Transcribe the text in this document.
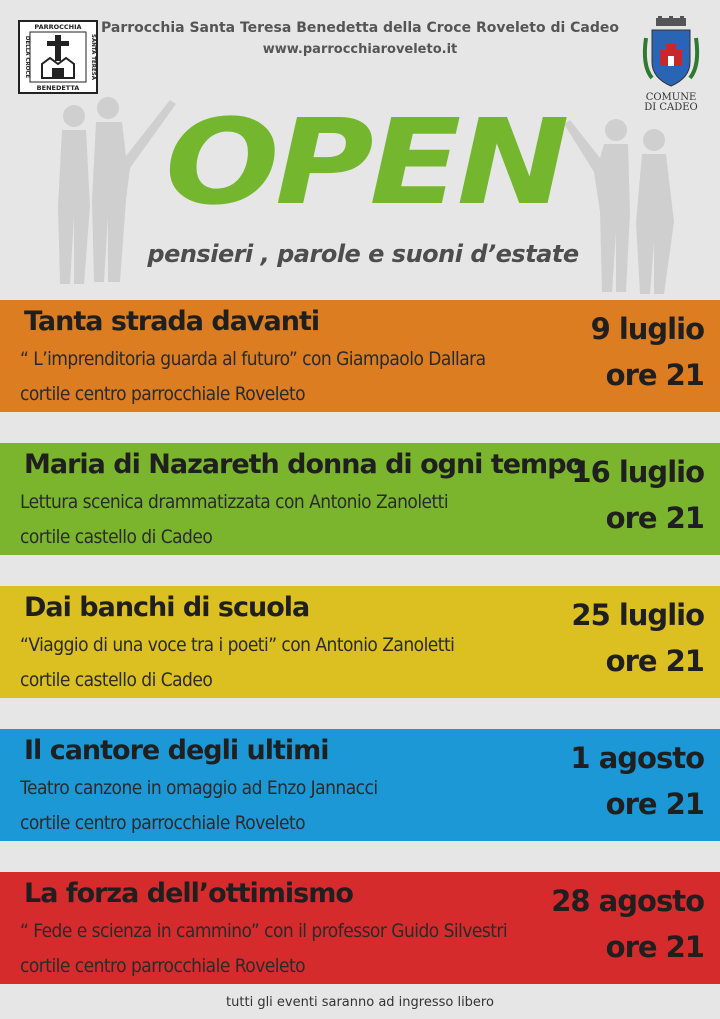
Parrocchia Santa Teresa Benedetta della Croce Roveleto di Cadeo
www.parrocchiaroveleto.it
PARROCCHIA
BENEDETTA
DELLA CROCE	SANTA TERESA
COMUNE
DI CADEO
OPEN
pensieri , parole e suoni d’estate
Tanta strada davanti
“ L’imprenditoria guarda al futuro” con Giampaolo Dallara
cortile centro parrocchiale Roveleto
9 luglio
ore 21
Maria di Nazareth donna di ogni tempo
Lettura scenica drammatizzata con Antonio Zanoletti
cortile castello di Cadeo
16 luglio
ore 21
Dai banchi di scuola
“Viaggio di una voce tra i poeti” con Antonio Zanoletti
cortile castello di Cadeo
25 luglio
ore 21
Il cantore degli ultimi
Teatro canzone in omaggio ad Enzo Jannacci
cortile centro parrocchiale Roveleto
1 agosto
ore 21
La forza dell’ottimismo
“ Fede e scienza in cammino” con il professor Guido Silvestri
cortile centro parrocchiale Roveleto
28 agosto
ore 21
tutti gli eventi saranno ad ingresso libero
